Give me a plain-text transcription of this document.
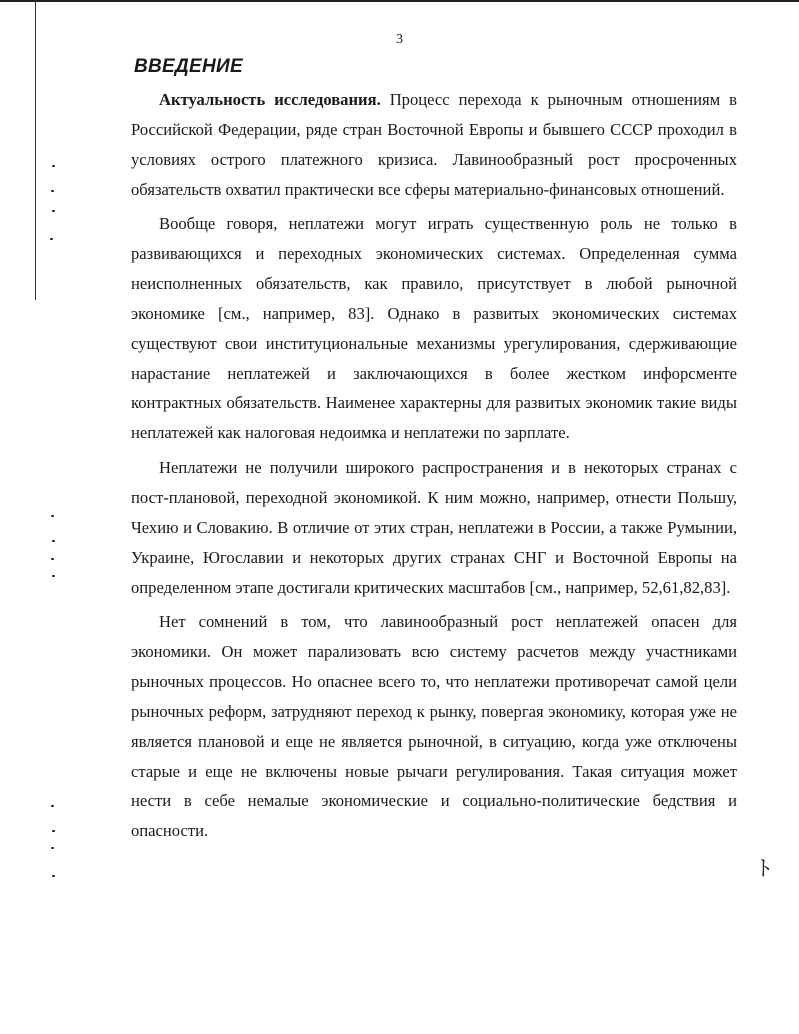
3
ВВЕДЕНИЕ

Актуальность исследования. Процесс перехода к рыночным отношениям в Российской Федерации, ряде стран Восточной Европы и бывшего СССР проходил в условиях острого платежного кризиса. Лавинообразный рост просроченных обязательств охватил практически все сферы материально-финансовых отношений.

Вообще говоря, неплатежи могут играть существенную роль не только в развивающихся и переходных экономических системах. Определенная сумма неисполненных обязательств, как правило, присутствует в любой рыночной экономике [см., например, 83]. Однако в развитых экономических системах существуют свои институциональные механизмы урегулирования, сдерживающие нарастание неплатежей и заключающихся в более жестком инфорсменте контрактных обязательств. Наименее характерны для развитых экономик такие виды неплатежей как налоговая недоимка и неплатежи по зарплате.

Неплатежи не получили широкого распространения и в некоторых странах с пост-плановой, переходной экономикой. К ним можно, например, отнести Польшу, Чехию и Словакию. В отличие от этих стран, неплатежи в России, а также Румынии, Украине, Югославии и некоторых других странах СНГ и Восточной Европы на определенном этапе достигали критических масштабов [см., например, 52,61,82,83].

Нет сомнений в том, что лавинообразный рост неплатежей опасен для экономики. Он может парализовать всю систему расчетов между участниками рыночных процессов. Но опаснее всего то, что неплатежи противоречат самой цели рыночных реформ, затрудняют переход к рынку, повергая экономику, которая уже не является плановой и еще не является рыночной, в ситуацию, когда уже отключены старые и еще не включены новые рычаги регулирования. Такая ситуация может нести в себе немалые экономические и социально-политические бедствия и опасности.

ﾄ
